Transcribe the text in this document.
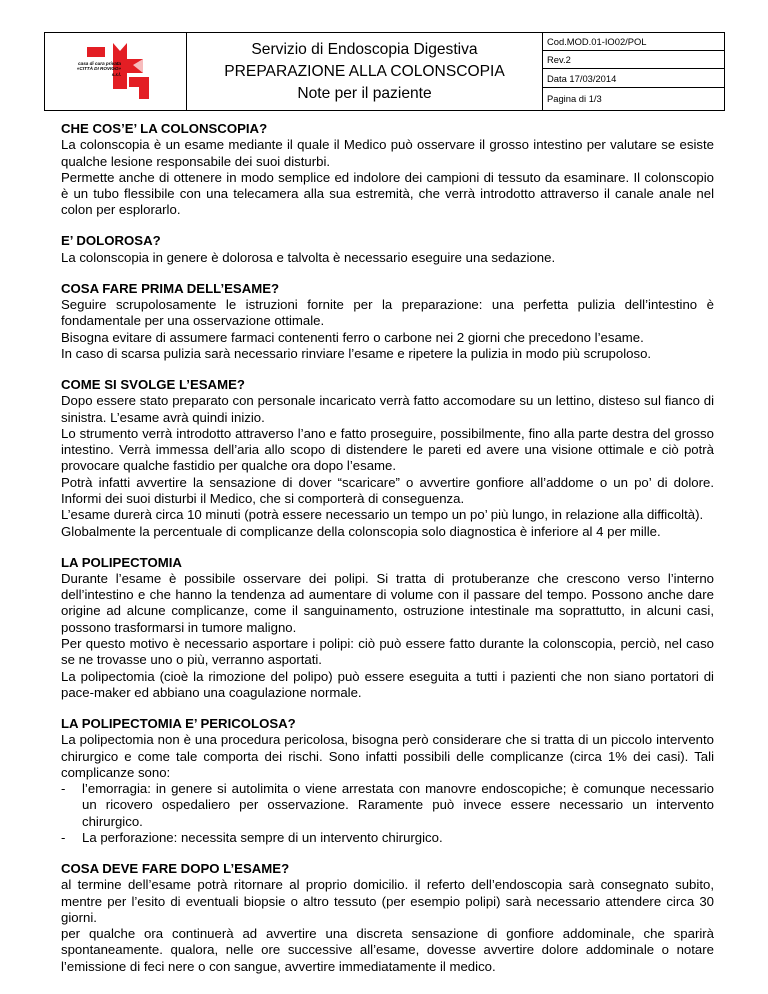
casa di cura privata
«CITTÀ DI ROVIGO»
s.r.l.
Servizio di Endoscopia Digestiva
PREPARAZIONE ALLA COLONSCOPIA
Note per il paziente
Cod.MOD.01-IO02/POL
Rev.2
Data 17/03/2014
Pagina di 1/3
CHE COS’E’ LA COLONSCOPIA?

La colonscopia è un esame mediante il quale il Medico può osservare il grosso intestino per valutare se esiste qualche lesione responsabile dei suoi disturbi.

Permette anche di ottenere in modo semplice ed indolore dei campioni di tessuto da esaminare. Il colonscopio è un tubo flessibile con una telecamera alla sua estremità, che verrà introdotto attraverso il canale anale nel colon per esplorarlo.

E’ DOLOROSA?

La colonscopia in genere è dolorosa e talvolta è necessario eseguire una sedazione.

COSA FARE PRIMA DELL’ESAME?

Seguire scrupolosamente le istruzioni fornite per la preparazione: una perfetta pulizia dell’intestino è fondamentale per una osservazione ottimale.

Bisogna evitare di assumere farmaci contenenti ferro o carbone nei 2 giorni che precedono l’esame.

In caso di scarsa pulizia sarà necessario rinviare l’esame e ripetere la pulizia in modo più scrupoloso.

COME SI SVOLGE L’ESAME?

Dopo essere stato preparato con personale incaricato verrà fatto accomodare su un lettino, disteso sul fianco di sinistra. L’esame avrà quindi inizio.

Lo strumento verrà introdotto attraverso l’ano e fatto proseguire, possibilmente, fino alla parte destra del grosso intestino. Verrà immessa dell’aria allo scopo di distendere le pareti ed avere una visione ottimale e ciò potrà provocare qualche fastidio per qualche ora dopo l’esame.

Potrà infatti avvertire la sensazione di dover “scaricare” o avvertire gonfiore all’addome o un po’ di dolore. Informi dei suoi disturbi il Medico, che si comporterà di conseguenza.

L’esame durerà circa 10 minuti (potrà essere necessario un tempo un po’ più lungo, in relazione alla difficoltà).

Globalmente la percentuale di complicanze della colonscopia solo diagnostica è inferiore al 4 per mille.

LA POLIPECTOMIA

Durante l’esame è possibile osservare dei polipi. Si tratta di protuberanze che crescono verso l’interno dell’intestino e che hanno la tendenza ad aumentare di volume con il passare del tempo. Possono anche dare origine ad alcune complicanze, come il sanguinamento, ostruzione intestinale ma soprattutto, in alcuni casi, possono trasformarsi in tumore maligno.

Per questo motivo è necessario asportare i polipi: ciò può essere fatto durante la colonscopia, perciò, nel caso se ne trovasse uno o più, verranno asportati.

La polipectomia (cioè la rimozione del polipo) può essere eseguita a tutti i pazienti che non siano portatori di pace-maker ed abbiano una coagulazione normale.

LA POLIPECTOMIA E’ PERICOLOSA?

La polipectomia non è una procedura pericolosa, bisogna però considerare che si tratta di un piccolo intervento chirurgico e come tale comporta dei rischi. Sono infatti possibili delle complicanze (circa 1% dei casi). Tali complicanze sono:

- l’emorragia: in genere si autolimita o viene arrestata con manovre endoscopiche; è comunque necessario un ricovero ospedaliero per osservazione. Raramente può invece essere necessario un intervento chirurgico.
- La perforazione: necessita sempre di un intervento chirurgico.
COSA DEVE FARE DOPO L’ESAME?

al termine dell’esame potrà ritornare al proprio domicilio. il referto dell’endoscopia sarà consegnato subito, mentre per l’esito di eventuali biopsie o altro tessuto (per esempio polipi) sarà necessario attendere circa 30 giorni.

per qualche ora continuerà ad avvertire una discreta sensazione di gonfiore addominale, che sparirà spontaneamente. qualora, nelle ore successive all’esame, dovesse avvertire dolore addominale o notare l’emissione di feci nere o con sangue, avvertire immediatamente il medico.
